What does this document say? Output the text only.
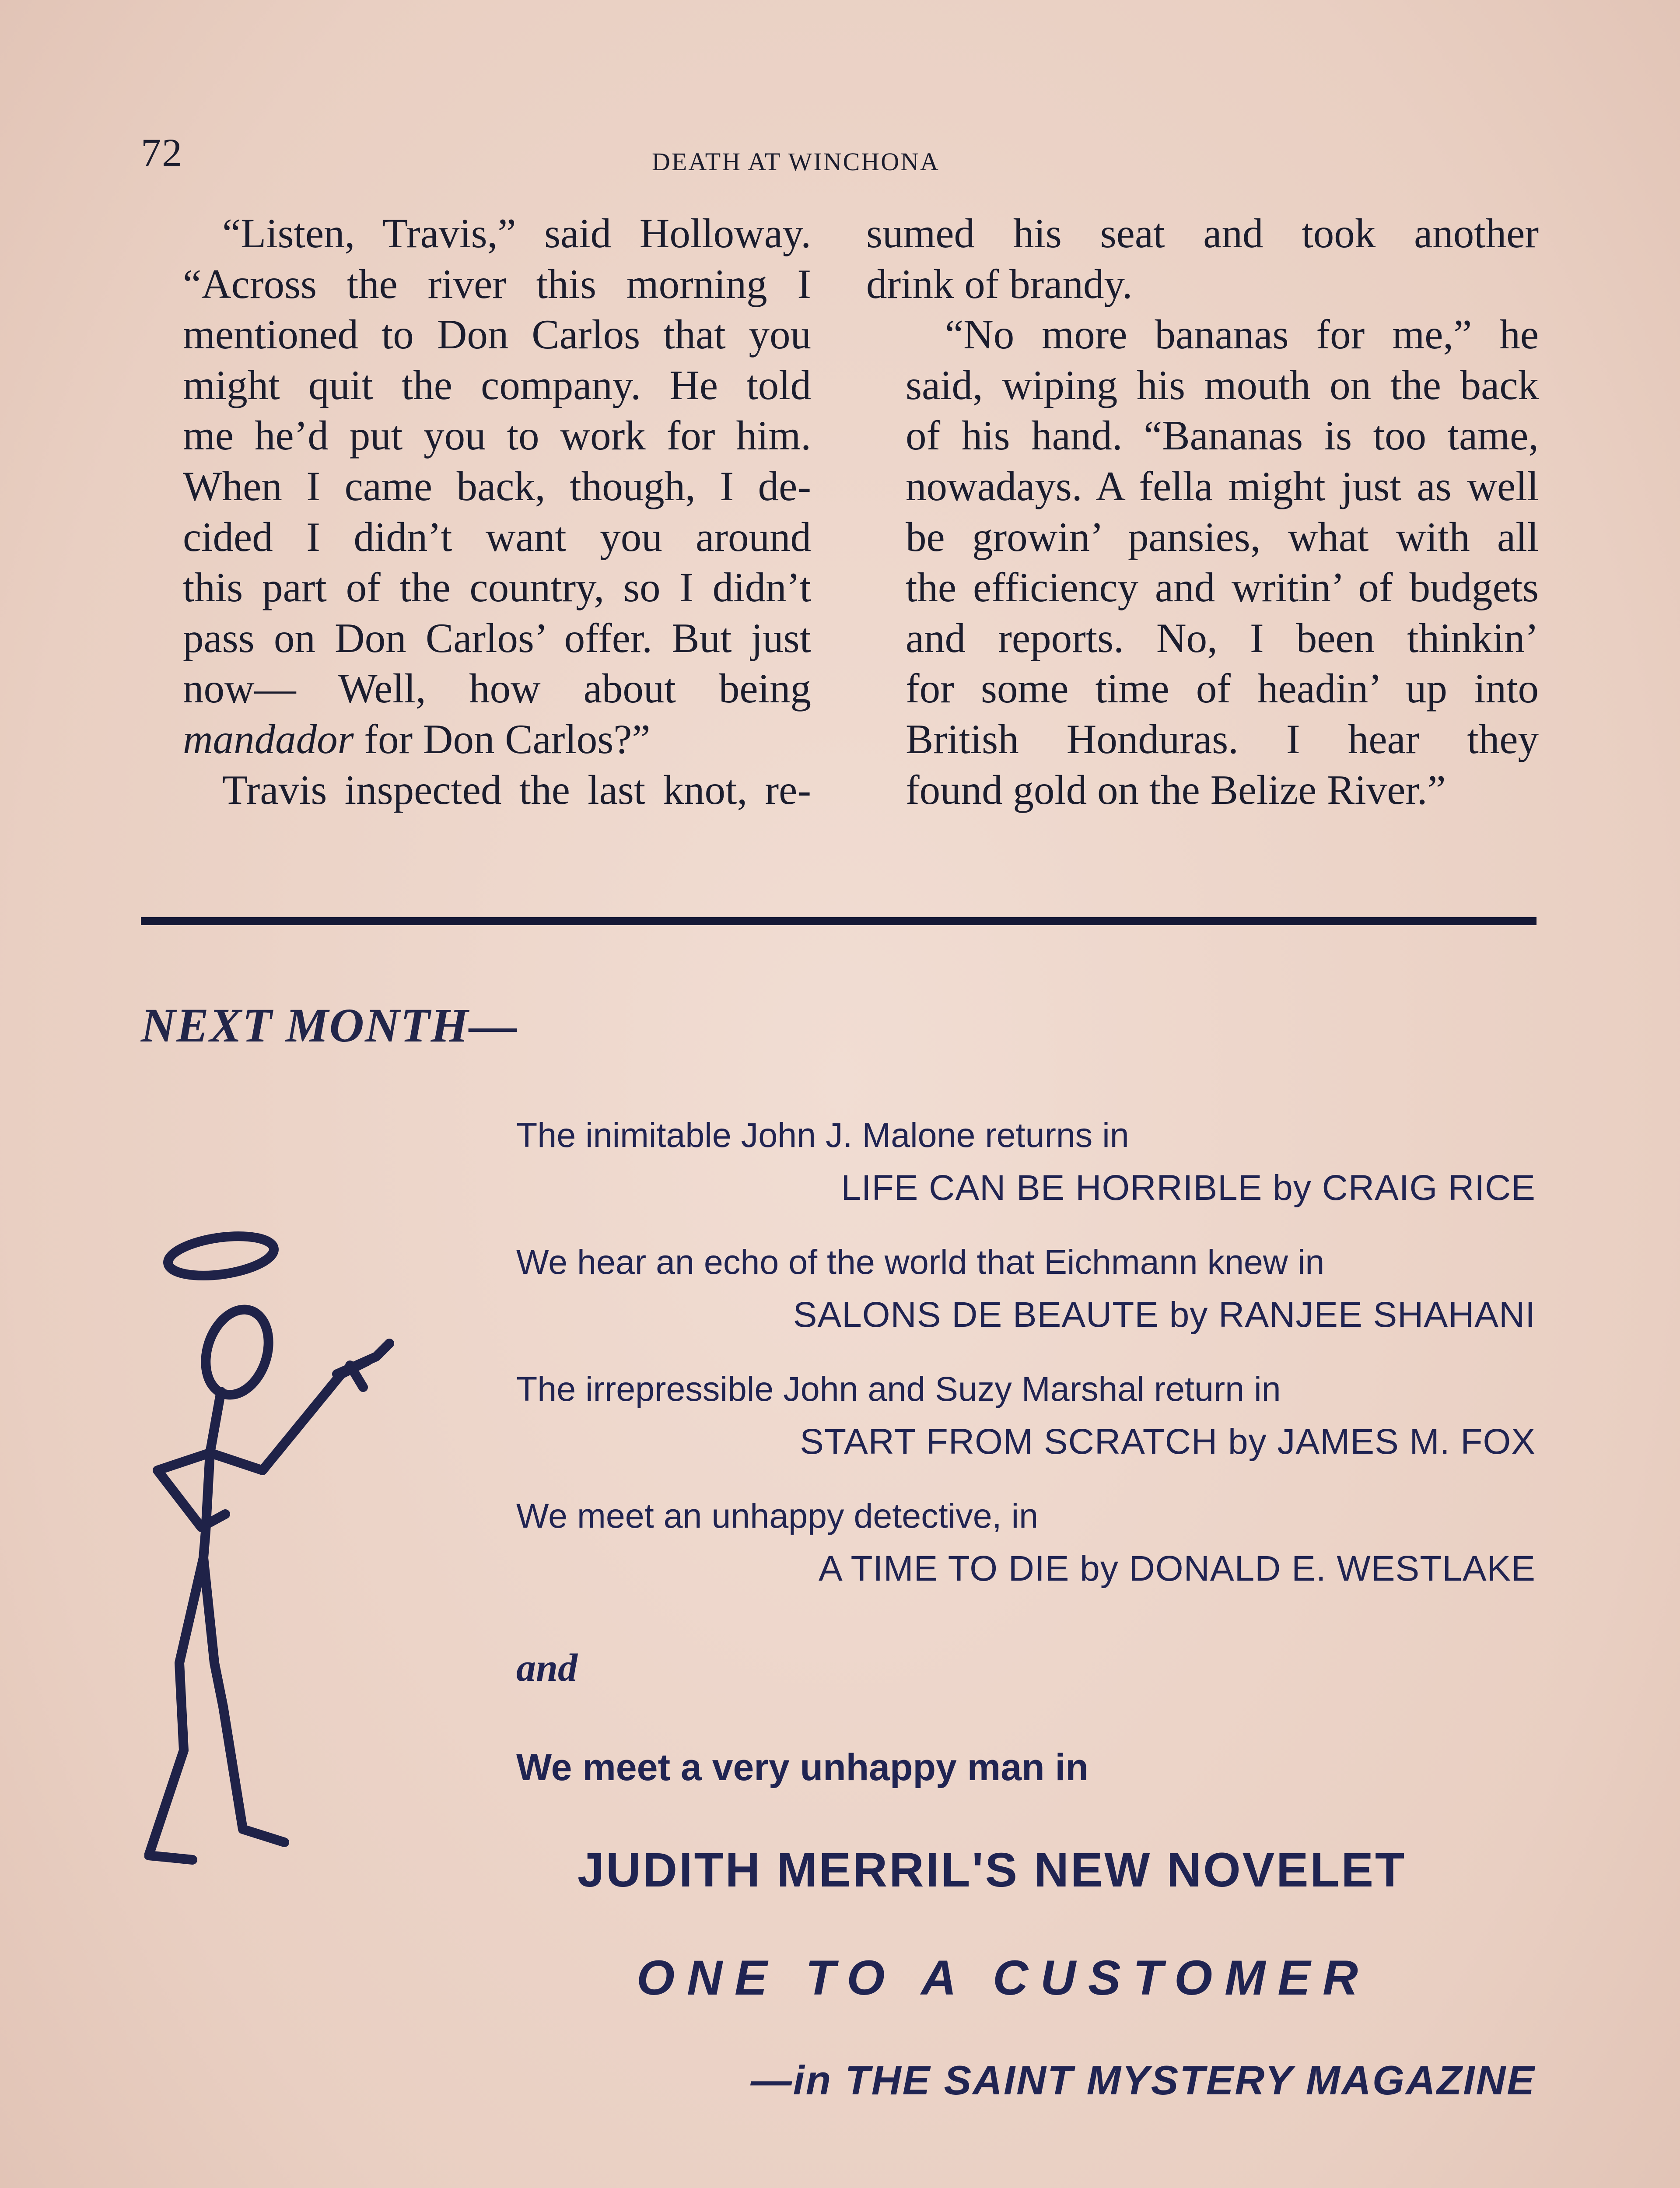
72	DEATH AT WINCHONA

“Listen, Travis,” said Holloway.
“Across the river this morning I
mentioned to Don Carlos that you
might quit the company. He told
me he’d put you to work for him.
When I came back, though, I de-
cided I didn’t want you around
this part of the country, so I didn’t
pass on Don Carlos’ offer. But just
now— Well, how about being
mandador for Don Carlos?”

Travis inspected the last knot, re-

sumed his seat and took another
drink of brandy.

“No more bananas for me,” he
said, wiping his mouth on the back
of his hand. “Bananas is too tame,
nowadays. A fella might just as well
be growin’ pansies, what with all
the efficiency and writin’ of budgets
and reports. No, I been thinkin’
for some time of headin’ up into
British Honduras. I hear they
found gold on the Belize River.”

NEXT MONTH—
The inimitable John J. Malone returns in
LIFE CAN BE HORRIBLE by CRAIG RICE
We hear an echo of the world that Eichmann knew in
SALONS DE BEAUTE by RANJEE SHAHANI
The irrepressible John and Suzy Marshal return in
START FROM SCRATCH by JAMES M. FOX
We meet an unhappy detective, in
A TIME TO DIE by DONALD E. WESTLAKE
and
We meet a very unhappy man in
JUDITH MERRIL'S NEW NOVELET
ONE TO A CUSTOMER
—in THE SAINT MYSTERY MAGAZINE
